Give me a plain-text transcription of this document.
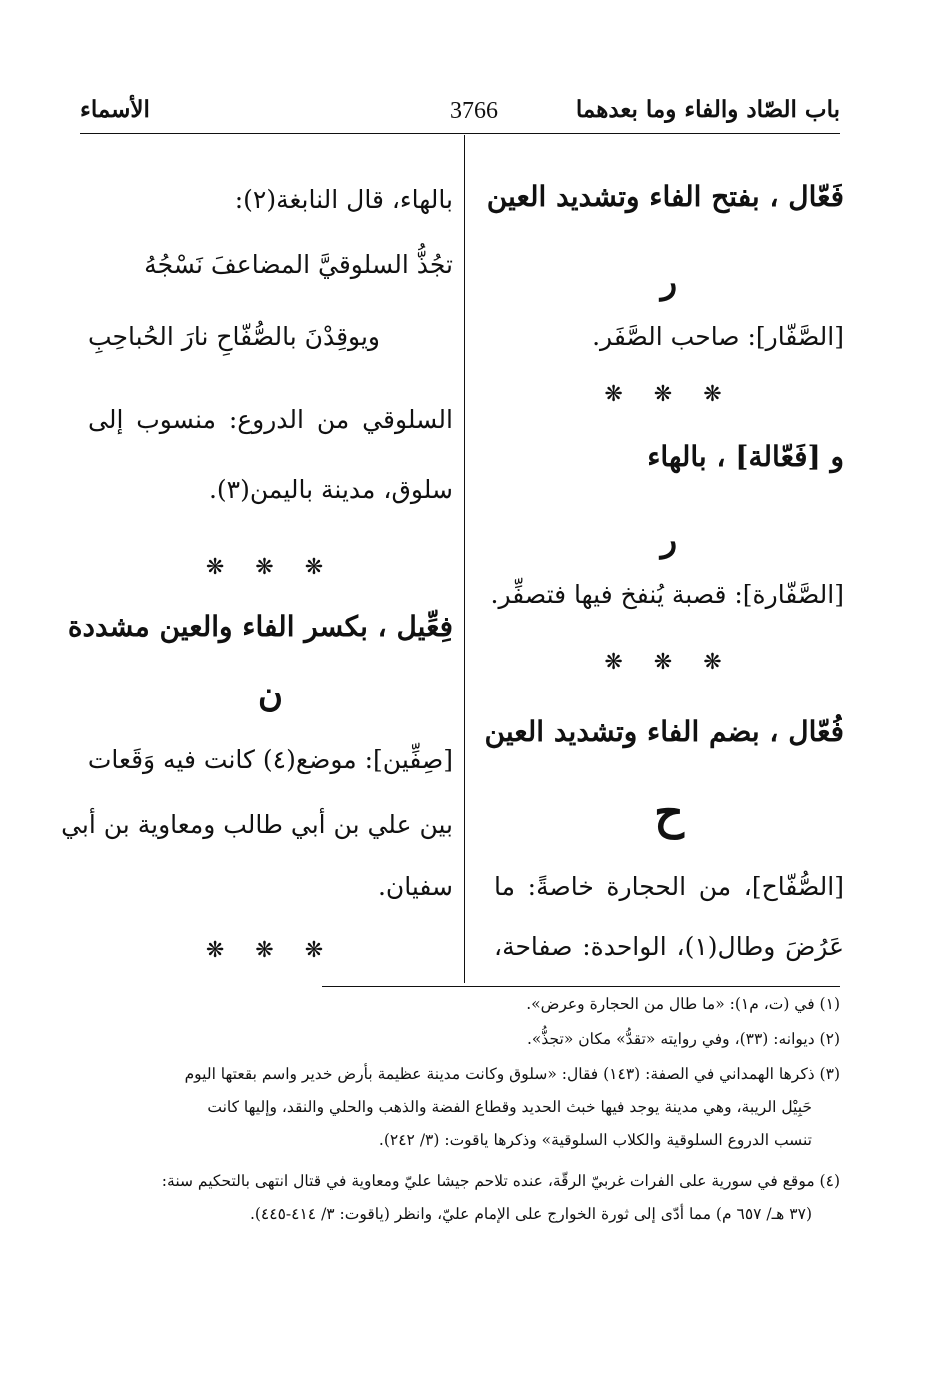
باب الصّاد والفاء وما بعدهما
3766
الأسماء
فَعّال ، بفتح الفاء وتشديد العين
ر
[الصَّفّار]: صاحب الصَّفَر.
❋ ❋ ❋
و [فَعّالة] ، بالهاء
ر
[الصَّفّارة]: قصبة يُنفخ فيها فتصفِّر.
❋ ❋ ❋
فُعّال ، بضم الفاء وتشديد العين
ح
[الصُّفّاح]، من الحجارة خاصةً: ما
عَرُضَ وطال(١)، الواحدة: صفاحة،
بالهاء، قال النابغة(٢):
تجُذُّ السلوقيَّ المضاعفَ نَسْجُهُ
ويوقِدْنَ بالصُّفّاحِ نارَ الحُباحِبِ
السلوقي من الدروع: منسوب إلى
سلوق، مدينة باليمن(٣).
❋ ❋ ❋
فِعِّيل ، بكسر الفاء والعين مشددة
ن
[صِفِّين]: موضع(٤) كانت فيه وَقَعات
بين علي بن أبي طالب ومعاوية بن أبي
سفيان.
❋ ❋ ❋
(١) في (ت، م١): «ما طال من الحجارة وعرض».
(٢) ديوانه: (٣٣)، وفي روايته «تقدُّ» مكان «تجذُّ».
(٣) ذكرها الهمداني في الصفة: (١٤٣) فقال: «سلوق وكانت مدينة عظيمة بأرض خدير واسم بقعتها اليوم
حَبِيْل الريبة، وهي مدينة يوجد فيها خبث الحديد وقطاع الفضة والذهب والحلي والنقد، وإليها كانت
تنسب الدروع السلوقية والكلاب السلوقية» وذكرها ياقوت: (٣/ ٢٤٢).
(٤) موقع في سورية على الفرات غربيّ الرقّة، عنده تلاحم جيشا عليّ ومعاوية في قتال انتهى بالتحكيم سنة:
(٣٧ هـ/ ٦٥٧ م) مما أدّى إلى ثورة الخوارج على الإمام عليّ، وانظر (ياقوت: ٣/ ٤١٤-٤٤٥).
